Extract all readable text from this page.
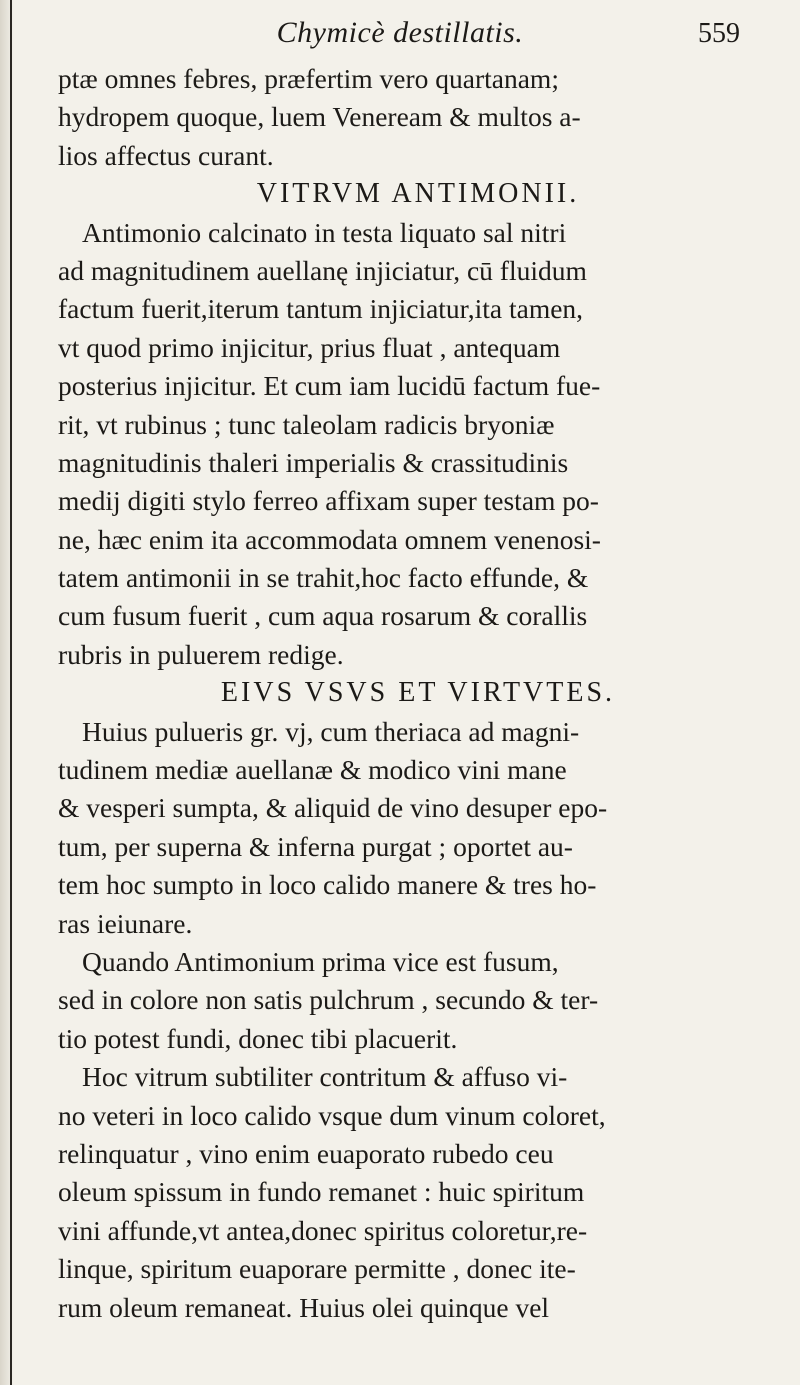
Chymicè destillatis.	559
ptæ omnes febres, præfertim vero quartanam;
hydropem quoque, luem Veneream & multos a-
lios affectus curant.
VITRVM ANTIMONII.
Antimonio calcinato in testa liquato sal nitri
ad magnitudinem auellanę injiciatur, cū fluidum
factum fuerit,iterum tantum injiciatur,ita tamen,
vt quod primo injicitur, prius fluat , antequam
posterius injicitur. Et cum iam lucidū factum fue-
rit, vt rubinus ; tunc taleolam radicis bryoniæ
magnitudinis thaleri imperialis & crassitudinis
medij digiti stylo ferreo affixam super testam po-
ne, hæc enim ita accommodata omnem venenosi-
tatem antimonii in se trahit,hoc facto effunde, &
cum fusum fuerit , cum aqua rosarum & corallis
rubris in puluerem redige.
EIVS VSVS ET VIRTVTES.
Huius pulueris gr. vj, cum theriaca ad magni-
tudinem mediæ auellanæ & modico vini mane
& vesperi sumpta, & aliquid de vino desuper epo-
tum, per superna & inferna purgat ; oportet au-
tem hoc sumpto in loco calido manere & tres ho-
ras ieiunare.
Quando Antimonium prima vice est fusum,
sed in colore non satis pulchrum , secundo & ter-
tio potest fundi, donec tibi placuerit.
Hoc vitrum subtiliter contritum & affuso vi-
no veteri in loco calido vsque dum vinum coloret,
relinquatur , vino enim euaporato rubedo ceu
oleum spissum in fundo remanet : huic spiritum
vini affunde,vt antea,donec spiritus coloretur,re-
linque, spiritum euaporare permitte , donec ite-
rum oleum remaneat. Huius olei quinque vel
